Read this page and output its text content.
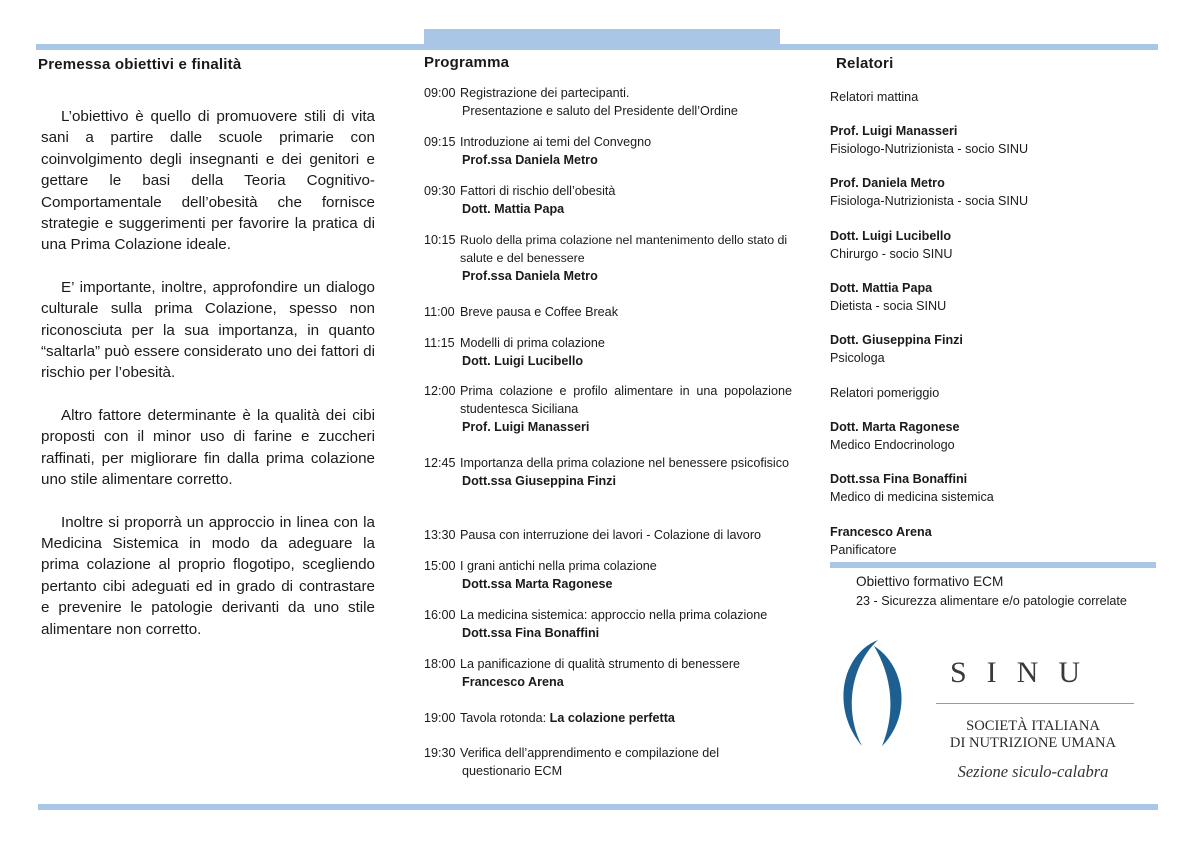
Premessa obiettivi e finalità	Programma	Relatori

L’obiettivo è quello di promuovere stili di vita sani a partire dalle scuole primarie con coinvolgimento degli insegnanti e dei genitori e gettare le basi della Teoria Cognitivo-Comportamentale dell’obesità che fornisce strategie e suggerimenti per favorire la pratica di una Prima Colazione ideale.

E’ importante, inoltre, approfondire un dialogo culturale sulla prima Colazione, spesso non riconosciuta per la sua importanza, in quanto “saltarla” può essere considerato uno dei fattori di rischio per l’obesità.

Altro fattore determinante è la qualità dei cibi proposti con il minor uso di farine e zuccheri raffinati, per migliorare fin dalla prima colazione uno stile alimentare corretto.

Inoltre si proporrà un approccio in linea con la Medicina Sistemica in modo da adeguare la prima colazione al proprio flogotipo, scegliendo pertanto cibi adeguati ed in grado di contrastare e prevenire le patologie derivanti da uno stile alimentare non corretto.

09:00 Registrazione dei partecipanti.
Presentazione e saluto del Presidente dell’Ordine
09:15 Introduzione ai temi del Convegno
Prof.ssa Daniela Metro
09:30 Fattori di rischio dell’obesità
Dott. Mattia Papa
10:15 Ruolo della prima colazione nel mantenimento dello stato di salute e del benessere
Prof.ssa Daniela Metro
11:00 Breve pausa e Coffee Break
11:15 Modelli di prima colazione
Dott. Luigi Lucibello
12:00 Prima colazione e profilo alimentare in una popolazione studentesca Siciliana
Prof. Luigi Manasseri
12:45 Importanza della prima colazione nel benessere psicofisico
Dott.ssa Giuseppina Finzi
13:30 Pausa con interruzione dei lavori - Colazione di lavoro
15:00 I grani antichi nella prima colazione
Dott.ssa Marta Ragonese
16:00 La medicina sistemica: approccio nella prima colazione
Dott.ssa Fina Bonaffini
18:00 La panificazione di qualità strumento di benessere
Francesco Arena
19:00 Tavola rotonda: La colazione perfetta
19:30 Verifica dell’apprendimento e compilazione del
questionario ECM
Relatori mattina
Prof. Luigi Manasseri
Fisiologo-Nutrizionista - socio SINU
Prof. Daniela Metro
Fisiologa-Nutrizionista - socia SINU
Dott. Luigi Lucibello
Chirurgo - socio SINU
Dott. Mattia Papa
Dietista - socia SINU
Dott. Giuseppina Finzi
Psicologa
Relatori pomeriggio
Dott. Marta Ragonese
Medico Endocrinologo
Dott.ssa Fina Bonaffini
Medico di medicina sistemica
Francesco Arena
Panificatore
Obiettivo formativo ECM
23 - Sicurezza alimentare e/o patologie correlate
SINU
SOCIETÀ ITALIANA
DI NUTRIZIONE UMANA
Sezione siculo-calabra
